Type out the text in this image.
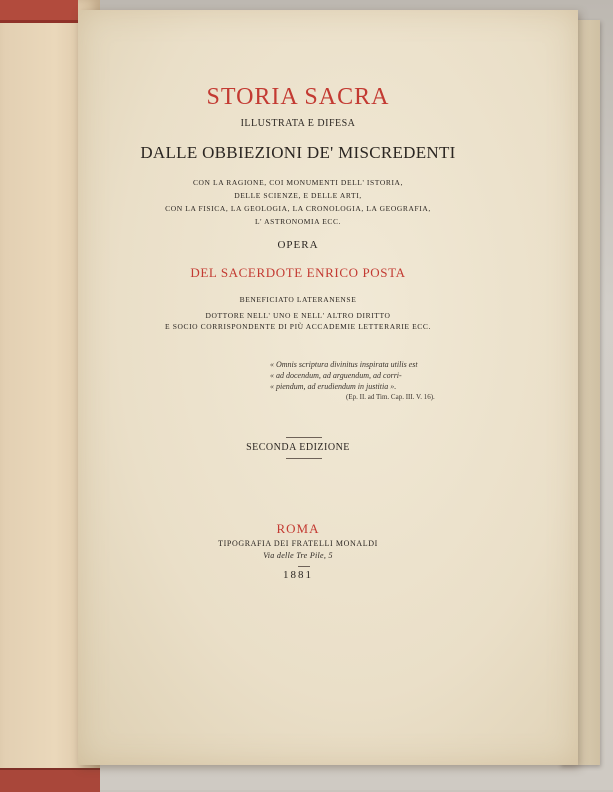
STORIA SACRA
ILLUSTRATA E DIFESA
DALLE OBBIEZIONI DE' MISCREDENTI
CON LA RAGIONE, COI MONUMENTI DELL' ISTORIA,
DELLE SCIENZE, E DELLE ARTI,
CON LA FISICA, LA GEOLOGIA, LA CRONOLOGIA, LA GEOGRAFIA,
L' ASTRONOMIA ECC.
OPERA
DEL SACERDOTE ENRICO POSTA
BENEFICIATO LATERANENSE
DOTTORE NELL' UNO E NELL' ALTRO DIRITTO
E SOCIO CORRISPONDENTE DI PIÙ ACCADEMIE LETTERARIE ECC.
« Omnis scriptura divinitus inspirata utilis est
« ad docendum, ad arguendum, ad corri-
« piendum, ad erudiendum in justitia ».
(Ep. II. ad Tim. Cap. III. V. 16).
SECONDA EDIZIONE
ROMA
TIPOGRAFIA DEI FRATELLI MONALDI
Via delle Tre Pile, 5
1881
